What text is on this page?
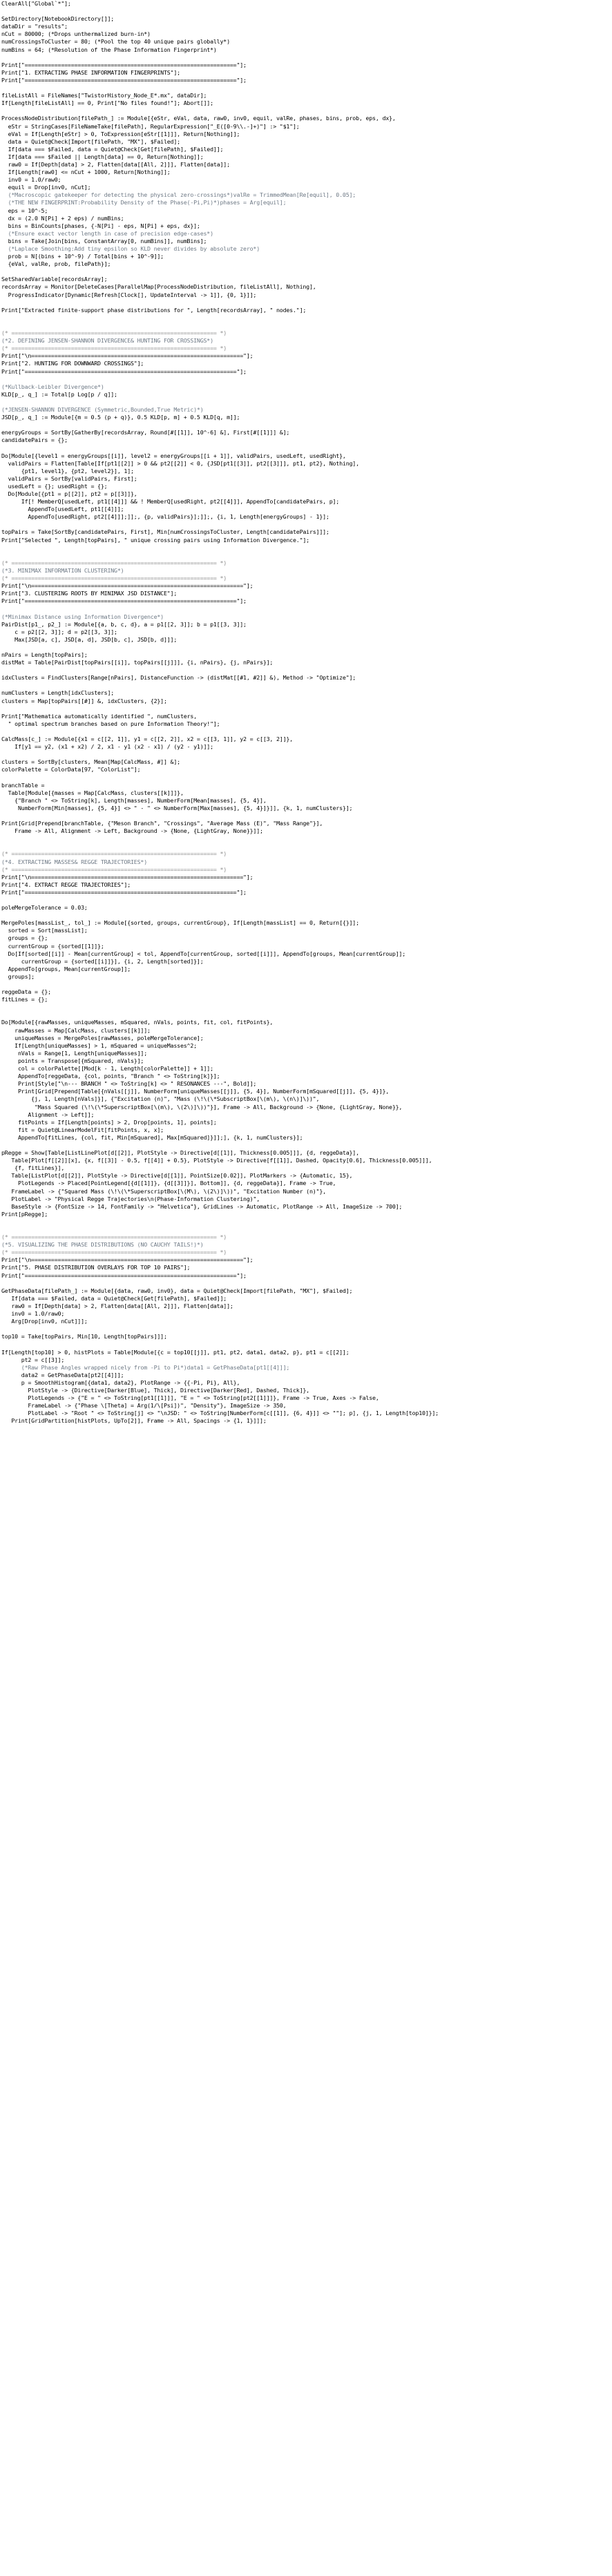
ClearAll["Global`*"];
SetDirectory[NotebookDirectory[]];
dataDir = "results";
nCut = 80000; (*Drops unthermalized burn-in*)
numCrossingsToCluster = 80; (*Pool the top 40 unique pairs globally*)
numBins = 64; (*Resolution of the Phase Information Fingerprint*)
Print["================================================================"];
Print["1. EXTRACTING PHASE INFORMATION FINGERPRINTS"];
Print["================================================================"];
fileListAll = FileNames["TwistorHistory_Node_E*.mx", dataDir];
If[Length[fileListAll] == 0, Print["No files found!"]; Abort[]];
ProcessNodeDistribution[filePath_] := Module[{eStr, eVal, data, raw0, inv0, equil, valRe, phases, bins, prob, eps, dx},
eStr = StringCases[FileNameTake[filePath], RegularExpression["_E([0-9\\.-]+)"] :> "$1"];
eVal = If[Length[eStr] > 0, ToExpression[eStr[[1]]], Return[Nothing]];
data = Quiet@Check[Import[filePath, "MX"], $Failed];
If[data === $Failed, data = Quiet@Check[Get[filePath], $Failed]];
If[data === $Failed || Length[data] == 0, Return[Nothing]];
raw0 = If[Depth[data] > 2, Flatten[data[[All, 2]]], Flatten[data]];
If[Length[raw0] <= nCut + 1000, Return[Nothing]];
inv0 = 1.0/raw0;
equil = Drop[inv0, nCut];
(*Macroscopic gatekeeper for detecting the physical zero-crossings*)valRe = TrimmedMean[Re[equil], 0.05];
(*THE NEW FINGERPRINT:Probability Density of the Phase(-Pi,Pi)*)phases = Arg[equil];
eps = 10^-5;
dx = (2.0 N[Pi] + 2 eps) / numBins;
bins = BinCounts[phases, {-N[Pi] - eps, N[Pi] + eps, dx}];
(*Ensure exact vector length in case of precision edge-cases*)
bins = Take[Join[bins, ConstantArray[0, numBins]], numBins];
(*Laplace Smoothing:Add tiny epsilon so KLD never divides by absolute zero*)
prob = N[(bins + 10^-9) / Total[bins + 10^-9]];
{eVal, valRe, prob, filePath}];
SetSharedVariable[recordsArray];
recordsArray = Monitor[DeleteCases[ParallelMap[ProcessNodeDistribution, fileListAll], Nothing],
ProgressIndicator[Dynamic[Refresh[Clock[], UpdateInterval -> 1]], {0, 1}]];
Print["Extracted finite-support phase distributions for ", Length[recordsArray], " nodes."];
(* ============================================================== *)
(*2. DEFINING JENSEN-SHANNON DIVERGENCE& HUNTING FOR CROSSINGS*)
(* ============================================================== *)
Print["\n================================================================"];
Print["2. HUNTING FOR DOWNWARD CROSSINGS"];
Print["================================================================"];
(*Kullback-Leibler Divergence*)
KLD[p_, q_] := Total[p Log[p / q]];
(*JENSEN-SHANNON DIVERGENCE (Symmetric,Bounded,True Metric)*)
JSD[p_, q_] := Module[{m = 0.5 (p + q)}, 0.5 KLD[p, m] + 0.5 KLD[q, m]];
energyGroups = SortBy[GatherBy[recordsArray, Round[#[[1]], 10^-6] &], First[#[[1]]] &];
candidatePairs = {};
Do[Module[{level1 = energyGroups[[i]], level2 = energyGroups[[i + 1]], validPairs, usedLeft, usedRight},
validPairs = Flatten[Table[If[pt1[[2]] > 0 && pt2[[2]] < 0, {JSD[pt1[[3]], pt2[[3]]], pt1, pt2}, Nothing],
{pt1, level1}, {pt2, level2}], 1];
validPairs = SortBy[validPairs, First];
usedLeft = {}; usedRight = {};
Do[Module[{pt1 = p[[2]], pt2 = p[[3]]},
If[! MemberQ[usedLeft, pt1[[4]]] && ! MemberQ[usedRight, pt2[[4]]], AppendTo[candidatePairs, p];
AppendTo[usedLeft, pt1[[4]]];
AppendTo[usedRight, pt2[[4]]];]];, {p, validPairs}];]];, {i, 1, Length[energyGroups] - 1}];
topPairs = Take[SortBy[candidatePairs, First], Min[numCrossingsToCluster, Length[candidatePairs]]];
Print["Selected ", Length[topPairs], " unique crossing pairs using Information Divergence."];
(* ============================================================== *)
(*3. MINIMAX INFORMATION CLUSTERING*)
(* ============================================================== *)
Print["\n================================================================"];
Print["3. CLUSTERING ROOTS BY MINIMAX JSD DISTANCE"];
Print["================================================================"];
(*Minimax Distance using Information Divergence*)
PairDist[p1_, p2_] := Module[{a, b, c, d}, a = p1[[2, 3]]; b = p1[[3, 3]];
c = p2[[2, 3]]; d = p2[[3, 3]];
Max[JSD[a, c], JSD[a, d], JSD[b, c], JSD[b, d]]];
nPairs = Length[topPairs];
distMat = Table[PairDist[topPairs[[i]], topPairs[[j]]], {i, nPairs}, {j, nPairs}];
idxClusters = FindClusters[Range[nPairs], DistanceFunction -> (distMat[[#1, #2]] &), Method -> "Optimize"];
numClusters = Length[idxClusters];
clusters = Map[topPairs[[#]] &, idxClusters, {2}];
Print["Mathematica automatically identified ", numClusters,
" optimal spectrum branches based on pure Information Theory!"];
CalcMass[c_] := Module[{x1 = c[[2, 1]], y1 = c[[2, 2]], x2 = c[[3, 1]], y2 = c[[3, 2]]},
If[y1 == y2, (x1 + x2) / 2, x1 - y1 (x2 - x1) / (y2 - y1)]];
clusters = SortBy[clusters, Mean[Map[CalcMass, #]] &];
colorPalette = ColorData[97, "ColorList"];
branchTable =
Table[Module[{masses = Map[CalcMass, clusters[[k]]]},
{"Branch " <> ToString[k], Length[masses], NumberForm[Mean[masses], {5, 4}],
NumberForm[Min[masses], {5, 4}] <> " - " <> NumberForm[Max[masses], {5, 4}]}]], {k, 1, numClusters}];
Print[Grid[Prepend[branchTable, {"Meson Branch", "Crossings", "Average Mass (E)", "Mass Range"}],
Frame -> All, Alignment -> Left, Background -> {None, {LightGray, None}}]];
(* ============================================================== *)
(*4. EXTRACTING MASSES& REGGE TRAJECTORIES*)
(* ============================================================== *)
Print["\n================================================================"];
Print["4. EXTRACT REGGE TRAJECTORIES"];
Print["================================================================"];
poleMergeTolerance = 0.03;
MergePoles[massList_, tol_] := Module[{sorted, groups, currentGroup}, If[Length[massList] == 0, Return[{}]];
sorted = Sort[massList];
groups = {};
currentGroup = {sorted[[1]]};
Do[If[sorted[[i]] - Mean[currentGroup] < tol, AppendTo[currentGroup, sorted[[i]]], AppendTo[groups, Mean[currentGroup]];
currentGroup = {sorted[[i]]}], {i, 2, Length[sorted]}];
AppendTo[groups, Mean[currentGroup]];
groups];
reggeData = {};
fitLines = {};
Do[Module[{rawMasses, uniqueMasses, mSquared, nVals, points, fit, col, fitPoints},
rawMasses = Map[CalcMass, clusters[[k]]];
uniqueMasses = MergePoles[rawMasses, poleMergeTolerance];
If[Length[uniqueMasses] > 1, mSquared = uniqueMasses^2;
nVals = Range[1, Length[uniqueMasses]];
points = Transpose[{mSquared, nVals}];
col = colorPalette[[Mod[k - 1, Length[colorPalette]] + 1]];
AppendTo[reggeData, {col, points, "Branch " <> ToString[k]}];
Print[Style["\n--- BRANCH " <> ToString[k] <> " RESONANCES ---", Bold]];
Print[Grid[Prepend[Table[{nVals[[j]], NumberForm[uniqueMasses[[j]], {5, 4}], NumberForm[mSquared[[j]], {5, 4}]},
{j, 1, Length[nVals]}], {"Excitation (n)", "Mass (\!\(\*SubscriptBox[\(m\), \(n\)]\))",
"Mass Squared (\!\(\*SuperscriptBox[\(m\), \(2\)]\))"}], Frame -> All, Background -> {None, {LightGray, None}},
Alignment -> Left]];
fitPoints = If[Length[points] > 2, Drop[points, 1], points];
fit = Quiet@LinearModelFit[fitPoints, x, x];
AppendTo[fitLines, {col, fit, Min[mSquared], Max[mSquared]}]];], {k, 1, numClusters}];
pRegge = Show[Table[ListLinePlot[d[[2]], PlotStyle -> Directive[d[[1]], Thickness[0.005]]], {d, reggeData}],
Table[Plot[f[[2]][x], {x, f[[3]] - 0.5, f[[4]] + 0.5}, PlotStyle -> Directive[f[[1]], Dashed, Opacity[0.6], Thickness[0.005]]],
{f, fitLines}],
Table[ListPlot[d[[2]], PlotStyle -> Directive[d[[1]], PointSize[0.02]], PlotMarkers -> {Automatic, 15},
PlotLegends -> Placed[PointLegend[{d[[1]]}, {d[[3]]}], Bottom]], {d, reggeData}], Frame -> True,
FrameLabel -> {"Squared Mass (\!\(\*SuperscriptBox[\(M\), \(2\)]\))", "Excitation Number (n)"},
PlotLabel -> "Physical Regge Trajectories\n(Phase-Information Clustering)",
BaseStyle -> {FontSize -> 14, FontFamily -> "Helvetica"}, GridLines -> Automatic, PlotRange -> All, ImageSize -> 700];
Print[pRegge];
(* ============================================================== *)
(*5. VISUALIZING THE PHASE DISTRIBUTIONS (NO CAUCHY TAILS!)*)
(* ============================================================== *)
Print["\n================================================================"];
Print["5. PHASE DISTRIBUTION OVERLAYS FOR TOP 10 PAIRS"];
Print["================================================================"];
GetPhaseData[filePath_] := Module[{data, raw0, inv0}, data = Quiet@Check[Import[filePath, "MX"], $Failed];
If[data === $Failed, data = Quiet@Check[Get[filePath], $Failed]];
raw0 = If[Depth[data] > 2, Flatten[data[[All, 2]]], Flatten[data]];
inv0 = 1.0/raw0;
Arg[Drop[inv0, nCut]]];
top10 = Take[topPairs, Min[10, Length[topPairs]]];
If[Length[top10] > 0, histPlots = Table[Module[{c = top10[[j]], pt1, pt2, data1, data2, p}, pt1 = c[[2]];
pt2 = c[[3]];
(*Raw Phase Angles wrapped nicely from -Pi to Pi*)data1 = GetPhaseData[pt1[[4]]];
data2 = GetPhaseData[pt2[[4]]];
p = SmoothHistogram[{data1, data2}, PlotRange -> {{-Pi, Pi}, All},
PlotStyle -> {Directive[Darker[Blue], Thick], Directive[Darker[Red], Dashed, Thick]},
PlotLegends -> {"E = " <> ToString[pt1[[1]]], "E = " <> ToString[pt2[[1]]]}, Frame -> True, Axes -> False,
FrameLabel -> {"Phase \[Theta] = Arg(1/\[Psi])", "Density"}, ImageSize -> 350,
PlotLabel -> "Root " <> ToString[j] <> "\nJSD: " <> ToString[NumberForm[c[[1]], {6, 4}]] <> ""]; p], {j, 1, Length[top10]}];
Print[GridPartition[histPlots, UpTo[2]], Frame -> All, Spacings -> {1, 1}]]];
